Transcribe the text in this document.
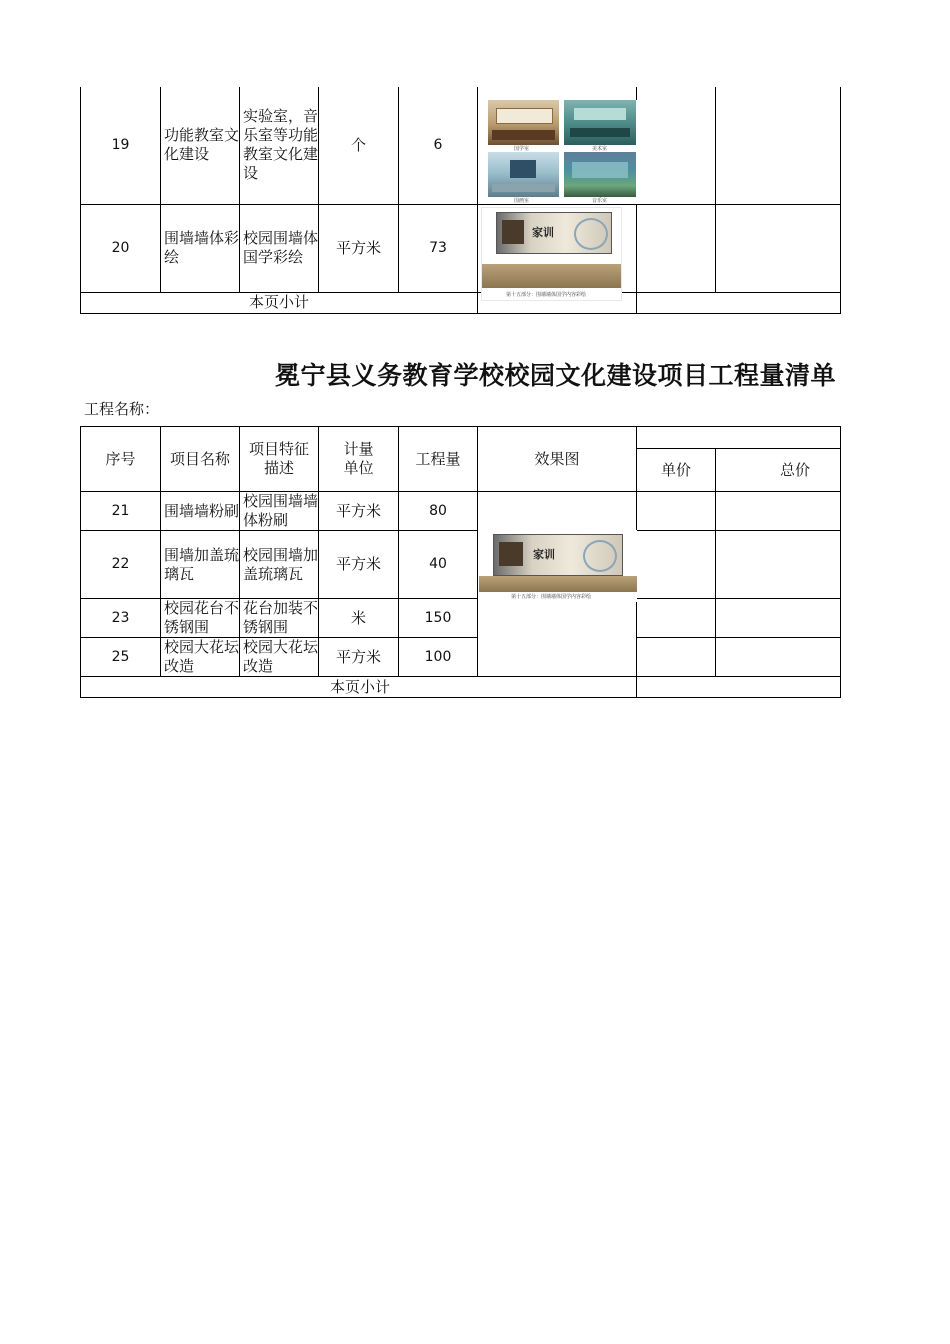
19	功能教室文化建设	实验室，音乐室等功能教室文化建设	个	6			
20	围墙墙体彩绘	校园围墙体国学彩绘	平方米	73			
本页小计							
国学室	美术室
国画室	音乐室
家训
第十五部分：围墙墙体国学内容彩绘
冕宁县义务教育学校校园文化建设项目工程量清单
工程名称：
序号	项目名称	项目特征描述	计量单位	工程量	效果图		
						单价	总价
21	围墙墙粉刷	校园围墙墙体粉刷	平方米	80			
22	围墙加盖琉璃瓦	校园围墙加盖琉璃瓦	平方米	40			
23	校园花台不锈钢围	花台加装不锈钢围	米	150			
25	校园大花坛改造	校园大花坛改造	平方米	100			
本页小计							
家训
第十五部分：围墙墙体国学内容彩绘
